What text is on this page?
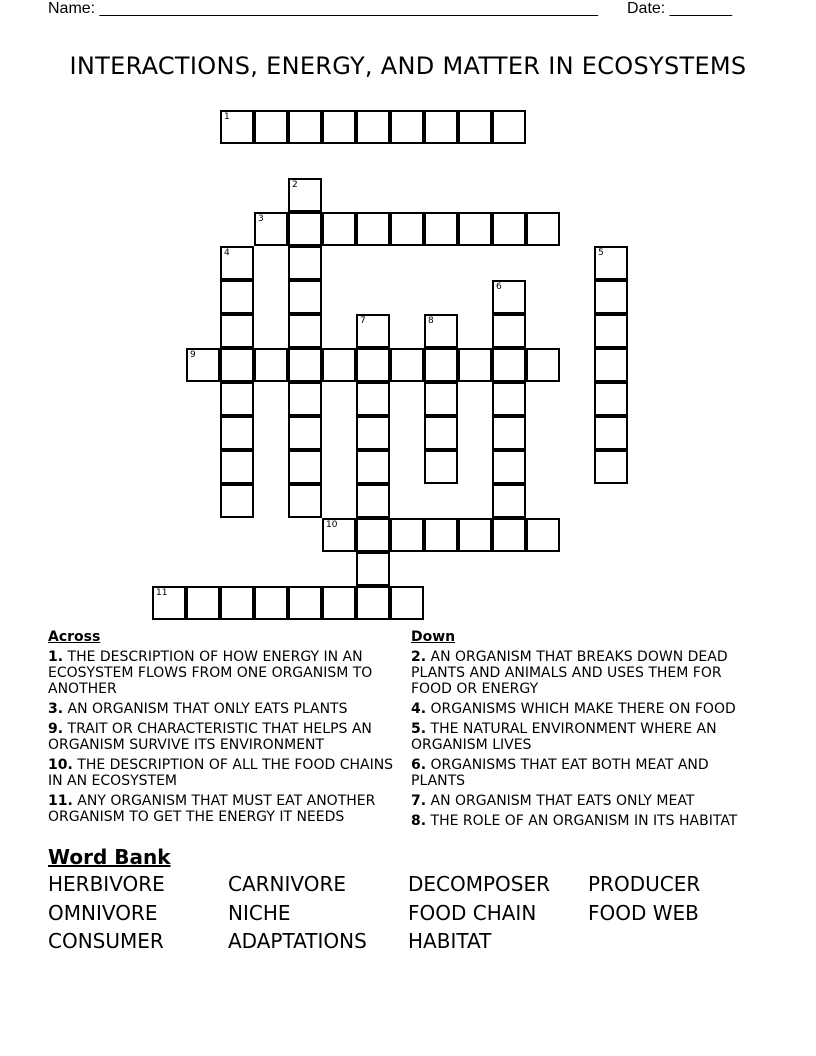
Name: ________________________________________________________ Date: _______
INTERACTIONS, ENERGY, AND MATTER IN ECOSYSTEMS
1
2
3
4	5
6
7	8
9
10
11
Across
1. THE DESCRIPTION OF HOW ENERGY IN AN ECOSYSTEM FLOWS FROM ONE ORGANISM TO ANOTHER
3. AN ORGANISM THAT ONLY EATS PLANTS
9. TRAIT OR CHARACTERISTIC THAT HELPS AN ORGANISM SURVIVE ITS ENVIRONMENT
10. THE DESCRIPTION OF ALL THE FOOD CHAINS IN AN ECOSYSTEM
11. ANY ORGANISM THAT MUST EAT ANOTHER ORGANISM TO GET THE ENERGY IT NEEDS
Down
2. AN ORGANISM THAT BREAKS DOWN DEAD PLANTS AND ANIMALS AND USES THEM FOR FOOD OR ENERGY
4. ORGANISMS WHICH MAKE THERE ON FOOD
5. THE NATURAL ENVIRONMENT WHERE AN ORGANISM LIVES
6. ORGANISMS THAT EAT BOTH MEAT AND PLANTS
7. AN ORGANISM THAT EATS ONLY MEAT
8. THE ROLE OF AN ORGANISM IN ITS HABITAT
Word Bank
HERBIVORE	CARNIVORE	DECOMPOSER PRODUCER
OMNIVORE	NICHE	FOOD CHAIN	FOOD WEB
CONSUMER	ADAPTATIONS HABITAT
